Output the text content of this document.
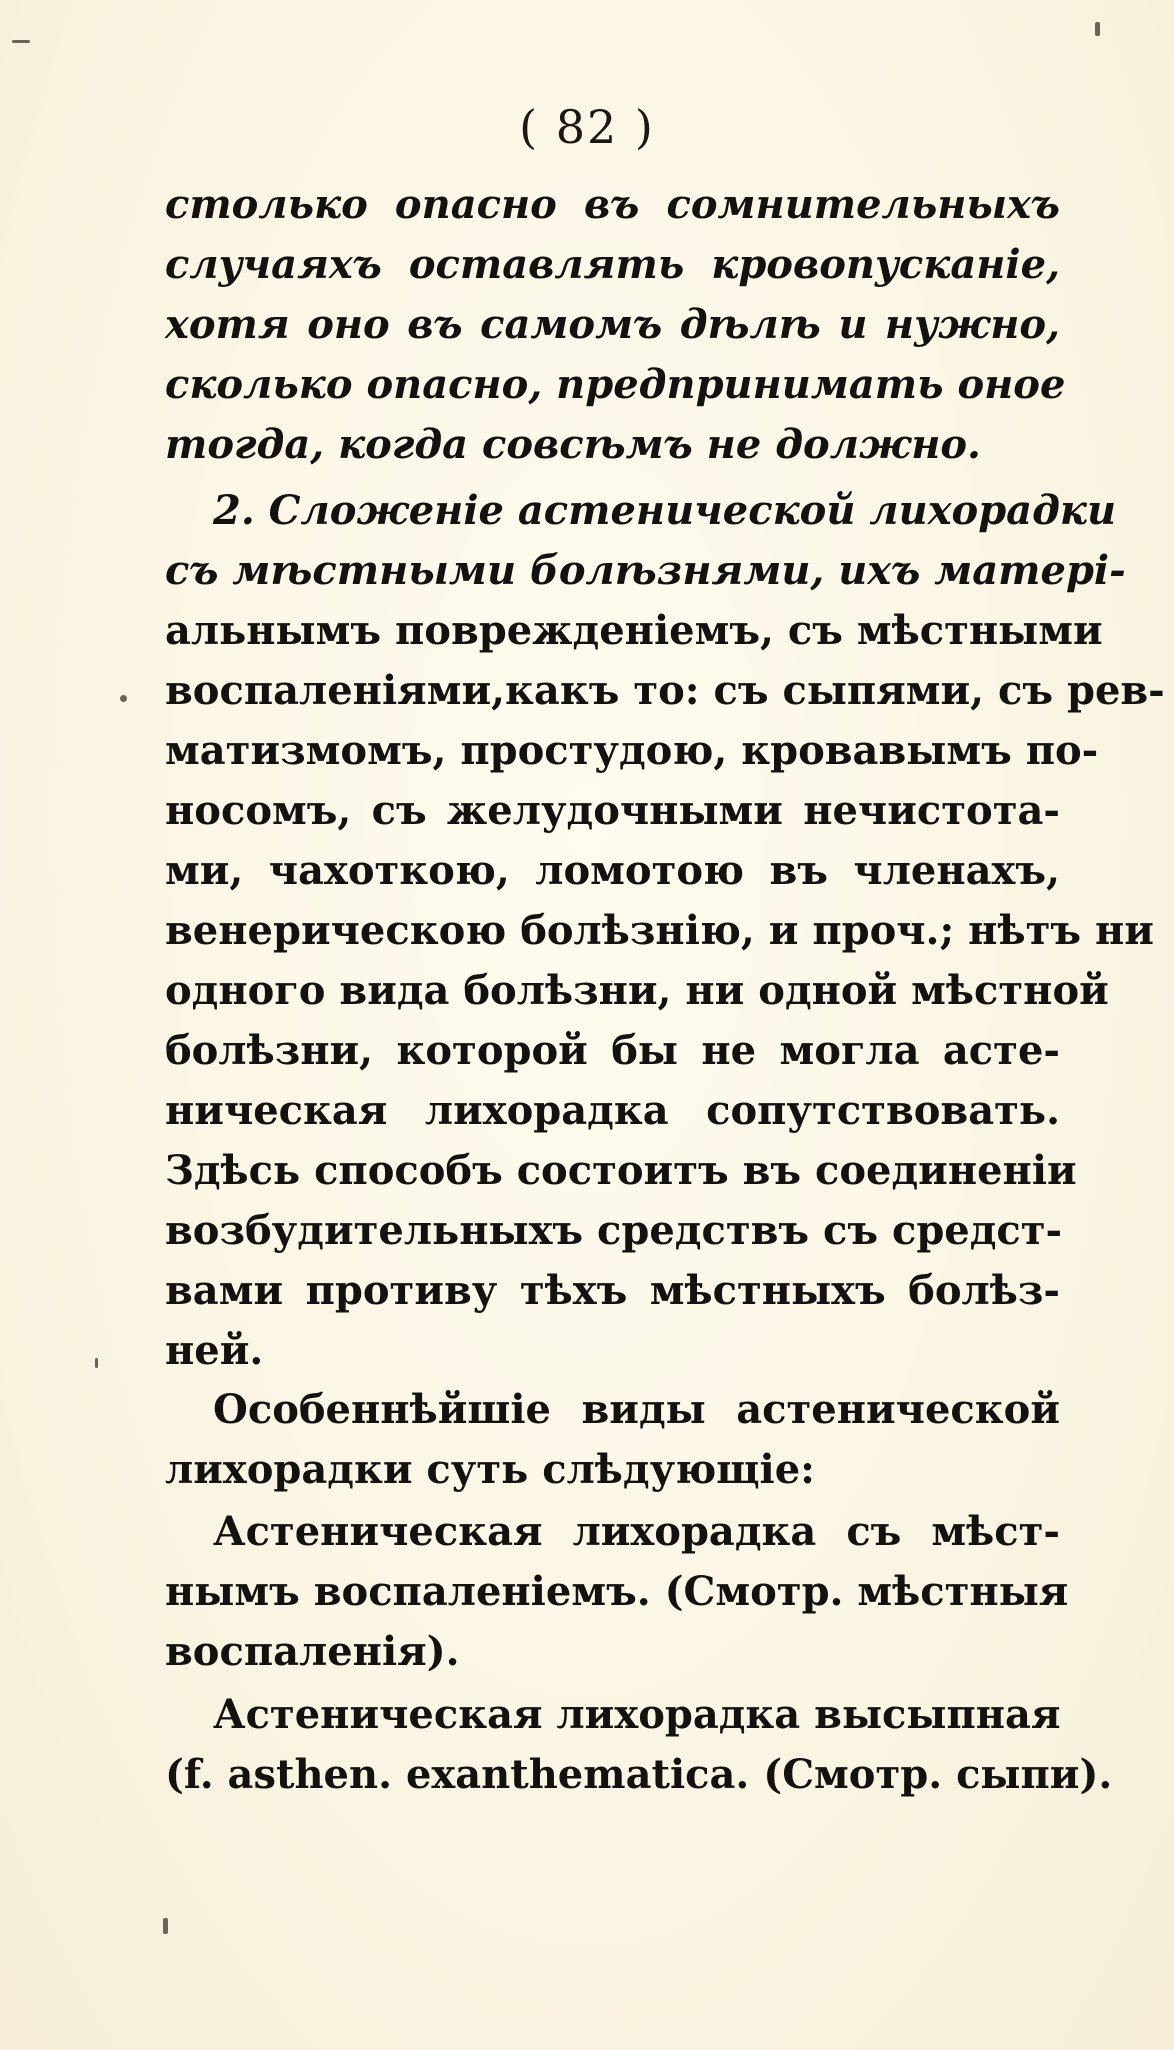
( 82 )
столько опасно въ сомнительныхъ
случаяхъ оставлять кровопусканіе,
хотя оно въ самомъ дѣлѣ и нужно,
сколько опасно, предпринимать оное
тогда, когда совсѣмъ не должно.
2. Сложеніе астенической лихорадки
съ мѣстными болѣзнями, ихъ матері-
альнымъ поврежденіемъ, съ мѣстными
воспаленіями,какъ то: съ сыпями, съ рев-
матизмомъ, простудою, кровавымъ по-
носомъ, съ желудочными нечистота-
ми, чахоткою, ломотою въ членахъ,
венерическою болѣзнію, и проч.; нѣтъ ни
одного вида болѣзни, ни одной мѣстной
болѣзни, которой бы не могла асте-
ническая лихорадка сопутствовать.
Здѣсь способъ состоитъ въ соединеніи
возбудительныхъ средствъ съ средст-
вами противу тѣхъ мѣстныхъ болѣз-
ней.
Особеннѣйшіе виды астенической
лихорадки суть слѣдующіе:
Астеническая лихорадка съ мѣст-
нымъ воспаленіемъ. (Смотр. мѣстныя
воспаленія).
Астеническая лихорадка высыпная
(f. asthen. exanthematica. (Смотр. сыпи).
